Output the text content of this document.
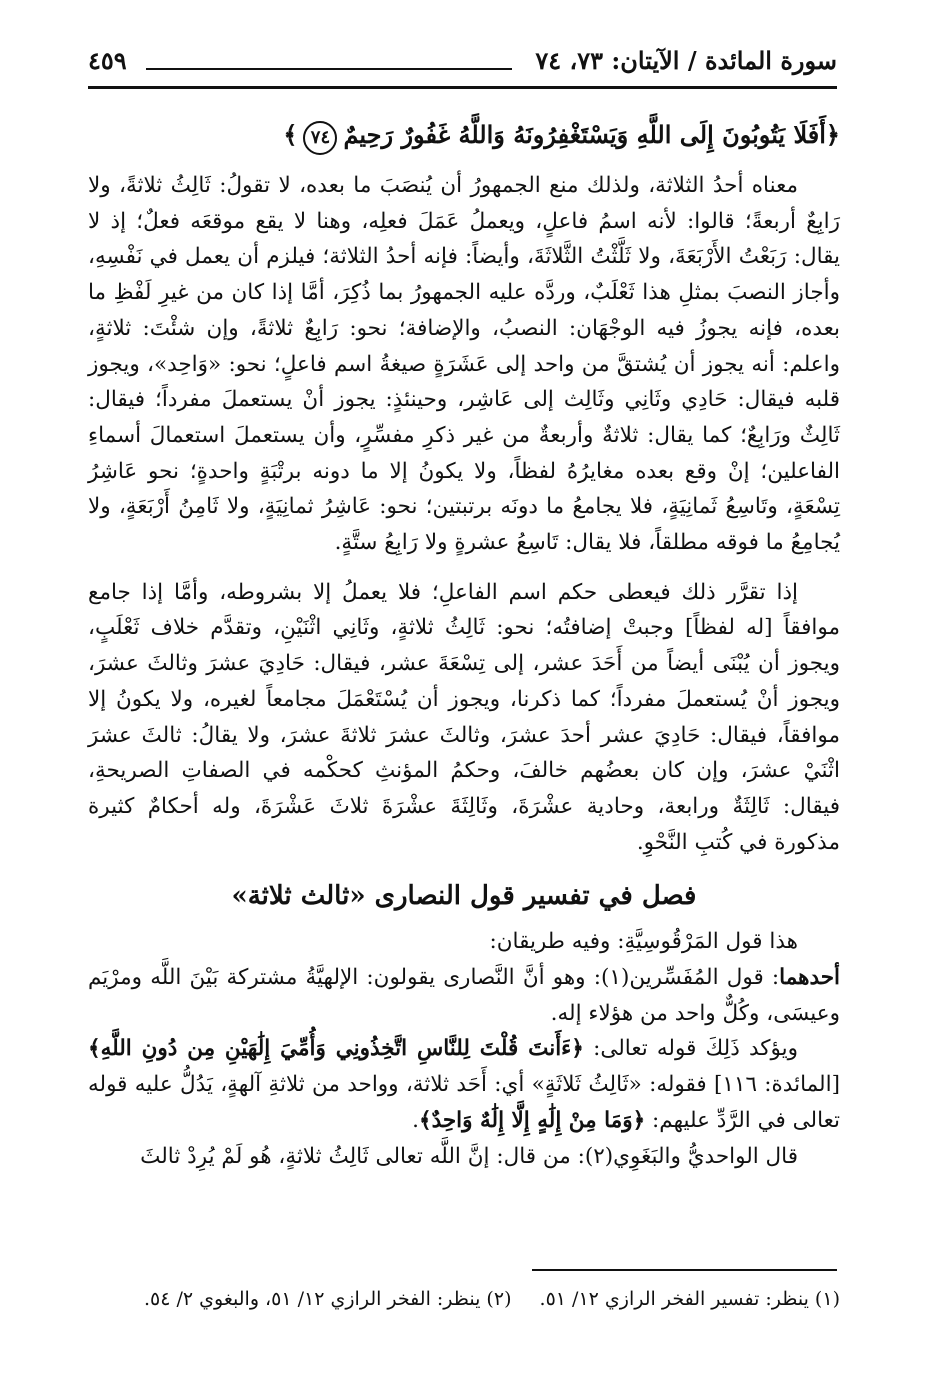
سورة المائدة / الآيتان: ٧٣، ٧٤
٤٥٩
﴿أَفَلَا يَتُوبُونَ إِلَى اللَّهِ وَيَسْتَغْفِرُونَهُ وَاللَّهُ غَفُورٌ رَحِيمٌ٧٤﴾

معناه أحدُ الثلاثة، ولذلك منع الجمهورُ أن يُنصَبَ ما بعده، لا تقولُ: ثَالِثُ ثلاثةً، ولا رَابِعٌ أربعةً؛ قالوا: لأنه اسمُ فاعلٍ، ويعملُ عَمَلَ فعلِه، وهنا لا يقع موقعَه فعلٌ؛ إذ لا يقال: رَبَعْتُ الأَرْبَعَةَ، ولا ثَلَّثْتُ الثَّلاثَةَ، وأيضاً: فإنه أحدُ الثلاثة؛ فيلزم أن يعمل في نَفْسِهِ، وأجاز النصبَ بمثلِ هذا ثَعْلَبٌ، وردَّه عليه الجمهورُ بما ذُكِرَ، أمَّا إذا كان من غيرِ لَفْظِ ما بعده، فإنه يجوزُ فيه الوجْهَان: النصبُ، والإضافة؛ نحو: رَابِعٌ ثلاثةً، وإن شئْتَ: ثلاثةٍ، واعلم: أنه يجوز أن يُشتقَّ من واحد إلى عَشَرَةٍ صيغةُ اسم فاعلٍ؛ نحو: «وَاحِد»، ويجوز قلبه فيقال: حَادِي وثَانِي وثَالِث إلى عَاشِر، وحينئذٍ: يجوز أنْ يستعملَ مفرداً؛ فيقال: ثَالِثٌ ورَابِعٌ؛ كما يقال: ثلاثةٌ وأربعةٌ من غير ذكرِ مفسِّرٍ، وأن يستعملَ استعمالَ أسماءِ الفاعلين؛ إنْ وقع بعده مغايرُهُ لفظاً، ولا يكونُ إلا ما دونه برتْبَةٍ واحدةٍ؛ نحو عَاشِرُ تِسْعَةٍ، وتَاسِعُ ثَمانِيَةٍ، فلا يجامعُ ما دونَه برتبتين؛ نحو: عَاشِرُ ثمانِيَةٍ، ولا ثَامِنُ أَرْبَعَةٍ، ولا يُجامِعُ ما فوقه مطلقاً، فلا يقال: تَاسِعُ عشرةٍ ولا رَابِعُ ستَّةٍ.

إذا تقرَّر ذلك فيعطى حكم اسم الفاعلِ؛ فلا يعملُ إلا بشروطه، وأمَّا إذا جامع موافقاً [له لفظاً] وجبتْ إضافتُه؛ نحو: ثَالِثُ ثلاثةٍ، وثَانِي اثْنَيْنِ، وتقدَّم خلاف ثَعْلَبٍ، ويجوز أن يُبْنَى أيضاً من أَحَدَ عشر، إلى تِسْعَةَ عشر، فيقال: حَادِيَ عشرَ وثالثَ عشرَ، ويجوز أنْ يُستعملَ مفرداً؛ كما ذكرنا، ويجوز أن يُسْتَعْمَلَ مجامعاً لغيره، ولا يكونُ إلا موافقاً، فيقال: حَادِيَ عشر أحدَ عشرَ، وثالثَ عشرَ ثلاثةَ عشرَ، ولا يقالُ: ثالثَ عشرَ اثْنَيْ عشرَ، وإن كان بعضُهم خالفَ، وحكمُ المؤنثِ كحكْمه في الصفاتِ الصريحةِ، فيقال: ثَالِثَةٌ ورابعة، وحادية عشْرَةَ، وثَالِثَةَ عشْرَةَ ثلاثَ عَشْرَةَ، وله أحكامٌ كثيرة مذكورة في كُتبِ النَّحْوِ.

فصل في تفسير قول النصارى «ثالث ثلاثة»

هذا قول المَرْقُوسِيَّةِ: وفيه طريقان:

أحدهما: قول المُفَسِّرين(١): وهو أنَّ النَّصارى يقولون: الإلهيَّةُ مشتركة بَيْنَ اللَّه ومرْيَم وعيسَى، وكُلٌّ واحد من هؤلاء إله.

ويؤكد ذَلِكَ قوله تعالى: ﴿ءَأَنتَ قُلْتَ لِلنَّاسِ اتَّخِذُونِي وَأُمِّيَ إِلَٰهَيْنِ مِن دُونِ اللَّهِ﴾ [المائدة: ١١٦] فقوله: «ثَالِثُ ثَلاثَةٍ» أي: أَحَد ثلاثة، وواحد من ثلاثةِ آلهةٍ، يَدُلُّ عليه قوله تعالى في الرَّدِّ عليهم: ﴿وَمَا مِنْ إِلَٰهٍ إِلَّا إِلَٰهٌ وَاحِدٌ﴾.

قال الواحديُّ والبَغَوِي(٢): من قال: إنَّ اللَّه تعالى ثَالِثُ ثلاثةٍ، هُو لَمْ يُرِدْ ثالثَ

(١) ينظر: تفسير الفخر الرازي ١٢/ ٥١. (٢) ينظر: الفخر الرازي ١٢/ ٥١، والبغوي ٢/ ٥٤.
